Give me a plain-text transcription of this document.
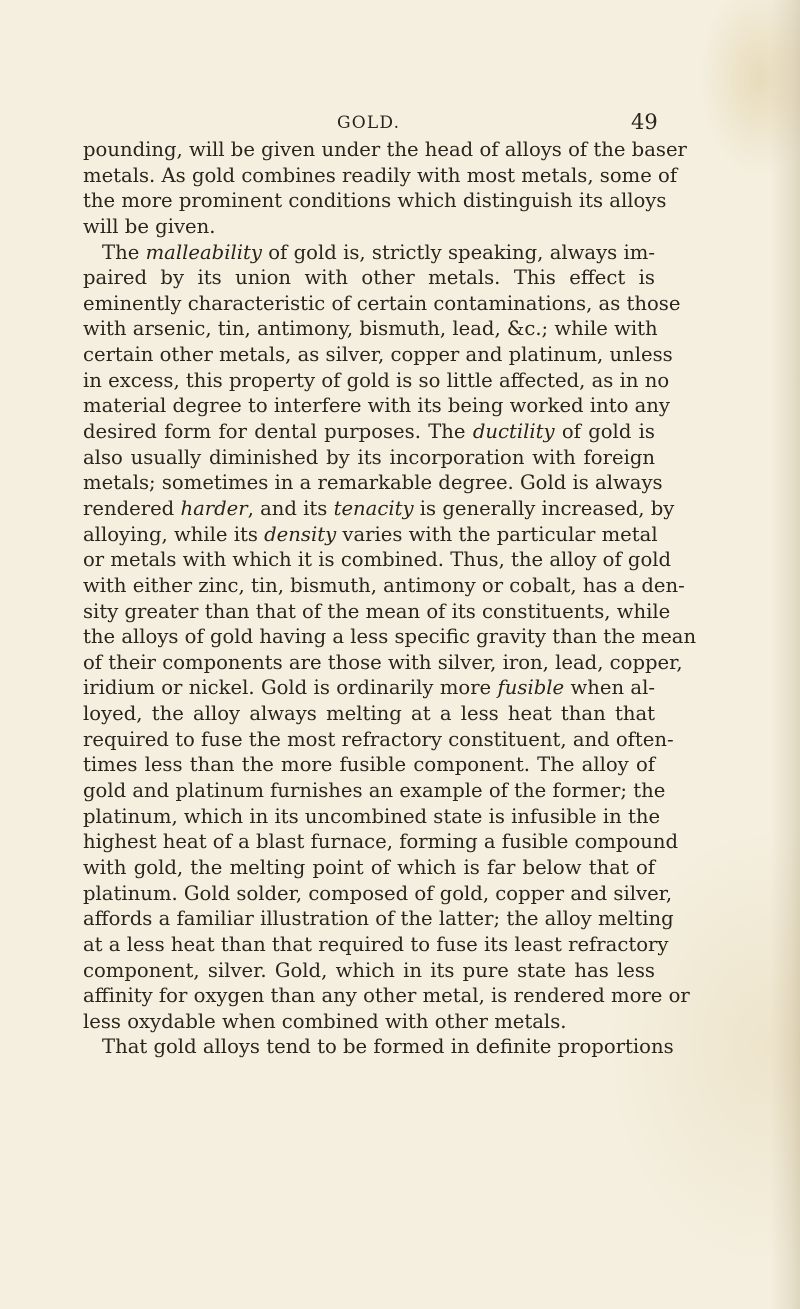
GOLD.	49
pounding, will be given under the head of alloys of the baser
metals. As gold combines readily with most metals, some of
the more prominent conditions which distinguish its alloys
will be given.
The malleability of gold is, strictly speaking, always im-
paired by its union with other metals. This effect is
eminently characteristic of certain contaminations, as those
with arsenic, tin, antimony, bismuth, lead, &c.; while with
certain other metals, as silver, copper and platinum, unless
in excess, this property of gold is so little affected, as in no
material degree to interfere with its being worked into any
desired form for dental purposes. The ductility of gold is
also usually diminished by its incorporation with foreign
metals; sometimes in a remarkable degree. Gold is always
rendered harder, and its tenacity is generally increased, by
alloying, while its density varies with the particular metal
or metals with which it is combined. Thus, the alloy of gold
with either zinc, tin, bismuth, antimony or cobalt, has a den-
sity greater than that of the mean of its constituents, while
the alloys of gold having a less specific gravity than the mean
of their components are those with silver, iron, lead, copper,
iridium or nickel. Gold is ordinarily more fusible when al-
loyed, the alloy always melting at a less heat than that
required to fuse the most refractory constituent, and often-
times less than the more fusible component. The alloy of
gold and platinum furnishes an example of the former; the
platinum, which in its uncombined state is infusible in the
highest heat of a blast furnace, forming a fusible compound
with gold, the melting point of which is far below that of
platinum. Gold solder, composed of gold, copper and silver,
affords a familiar illustration of the latter; the alloy melting
at a less heat than that required to fuse its least refractory
component, silver. Gold, which in its pure state has less
affinity for oxygen than any other metal, is rendered more or
less oxydable when combined with other metals.
That gold alloys tend to be formed in definite proportions
